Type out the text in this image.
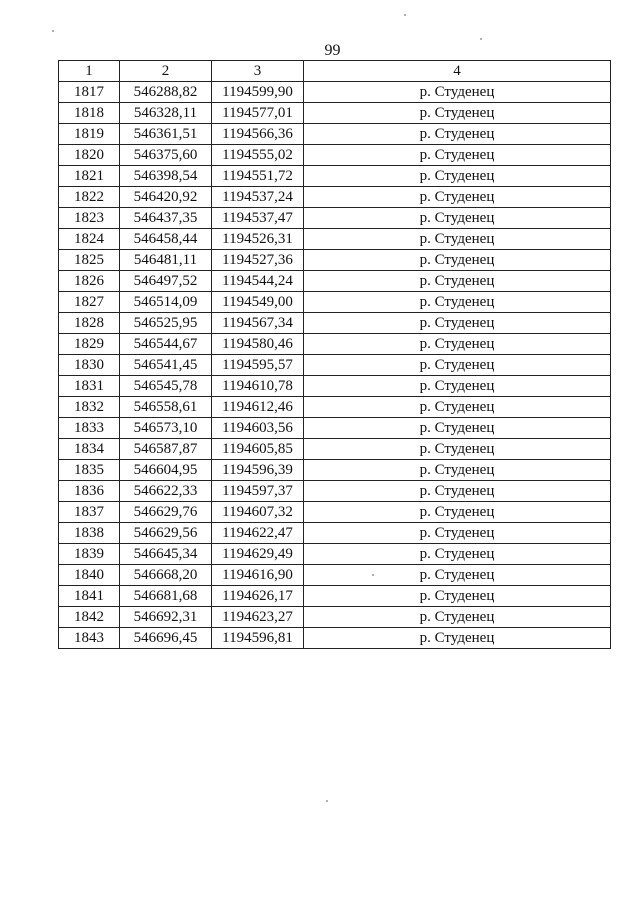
99
1	2	3	4
1817	546288,82	1194599,90	р. Студенец
1818	546328,11	1194577,01	р. Студенец
1819	546361,51	1194566,36	р. Студенец
1820	546375,60	1194555,02	р. Студенец
1821	546398,54	1194551,72	р. Студенец
1822	546420,92	1194537,24	р. Студенец
1823	546437,35	1194537,47	р. Студенец
1824	546458,44	1194526,31	р. Студенец
1825	546481,11	1194527,36	р. Студенец
1826	546497,52	1194544,24	р. Студенец
1827	546514,09	1194549,00	р. Студенец
1828	546525,95	1194567,34	р. Студенец
1829	546544,67	1194580,46	р. Студенец
1830	546541,45	1194595,57	р. Студенец
1831	546545,78	1194610,78	р. Студенец
1832	546558,61	1194612,46	р. Студенец
1833	546573,10	1194603,56	р. Студенец
1834	546587,87	1194605,85	р. Студенец
1835	546604,95	1194596,39	р. Студенец
1836	546622,33	1194597,37	р. Студенец
1837	546629,76	1194607,32	р. Студенец
1838	546629,56	1194622,47	р. Студенец
1839	546645,34	1194629,49	р. Студенец
1840	546668,20	1194616,90	р. Студенец
1841	546681,68	1194626,17	р. Студенец
1842	546692,31	1194623,27	р. Студенец
1843	546696,45	1194596,81	р. Студенец
